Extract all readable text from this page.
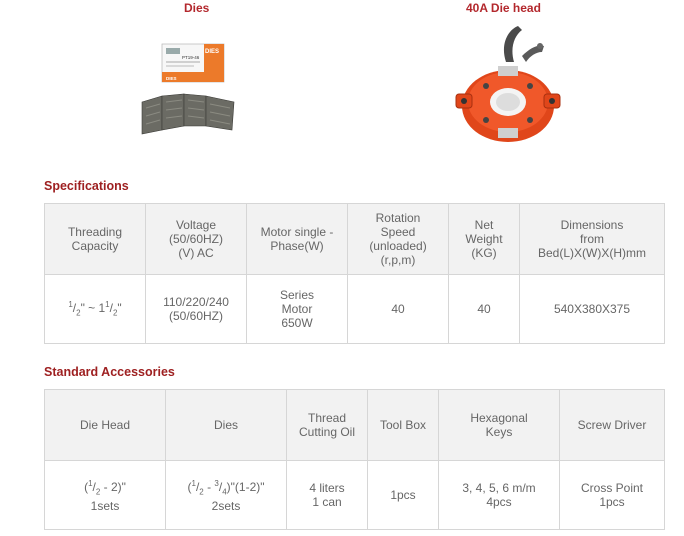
Dies	40A Die head
DIES
PT19-46
DIES
Specifications
Threading
Capacity	Voltage
(50/60HZ)
(V) AC	Motor single -
Phase(W)	Rotation
Speed
(unloaded)
(r,p,m)	Net
Weight
(KG)	Dimensions
from
Bed(L)X(W)X(H)mm

$^1/_2$" ~ $1^1/_2$"	110/220/240
(50/60HZ)	Series
Motor
650W	40	40	540X380X375
Standard Accessories
Die Head	Dies	Thread
Cutting Oil	Tool Box	Hexagonal
Keys	Screw Driver

$(^1/_2 - 2)$"
1sets	($^1/_2$ - $^3/_4)"(1-2)$"
2sets	4 liters
1 can	1pcs	3, 4, 5, 6 m/m
4pcs	Cross Point
1pcs
